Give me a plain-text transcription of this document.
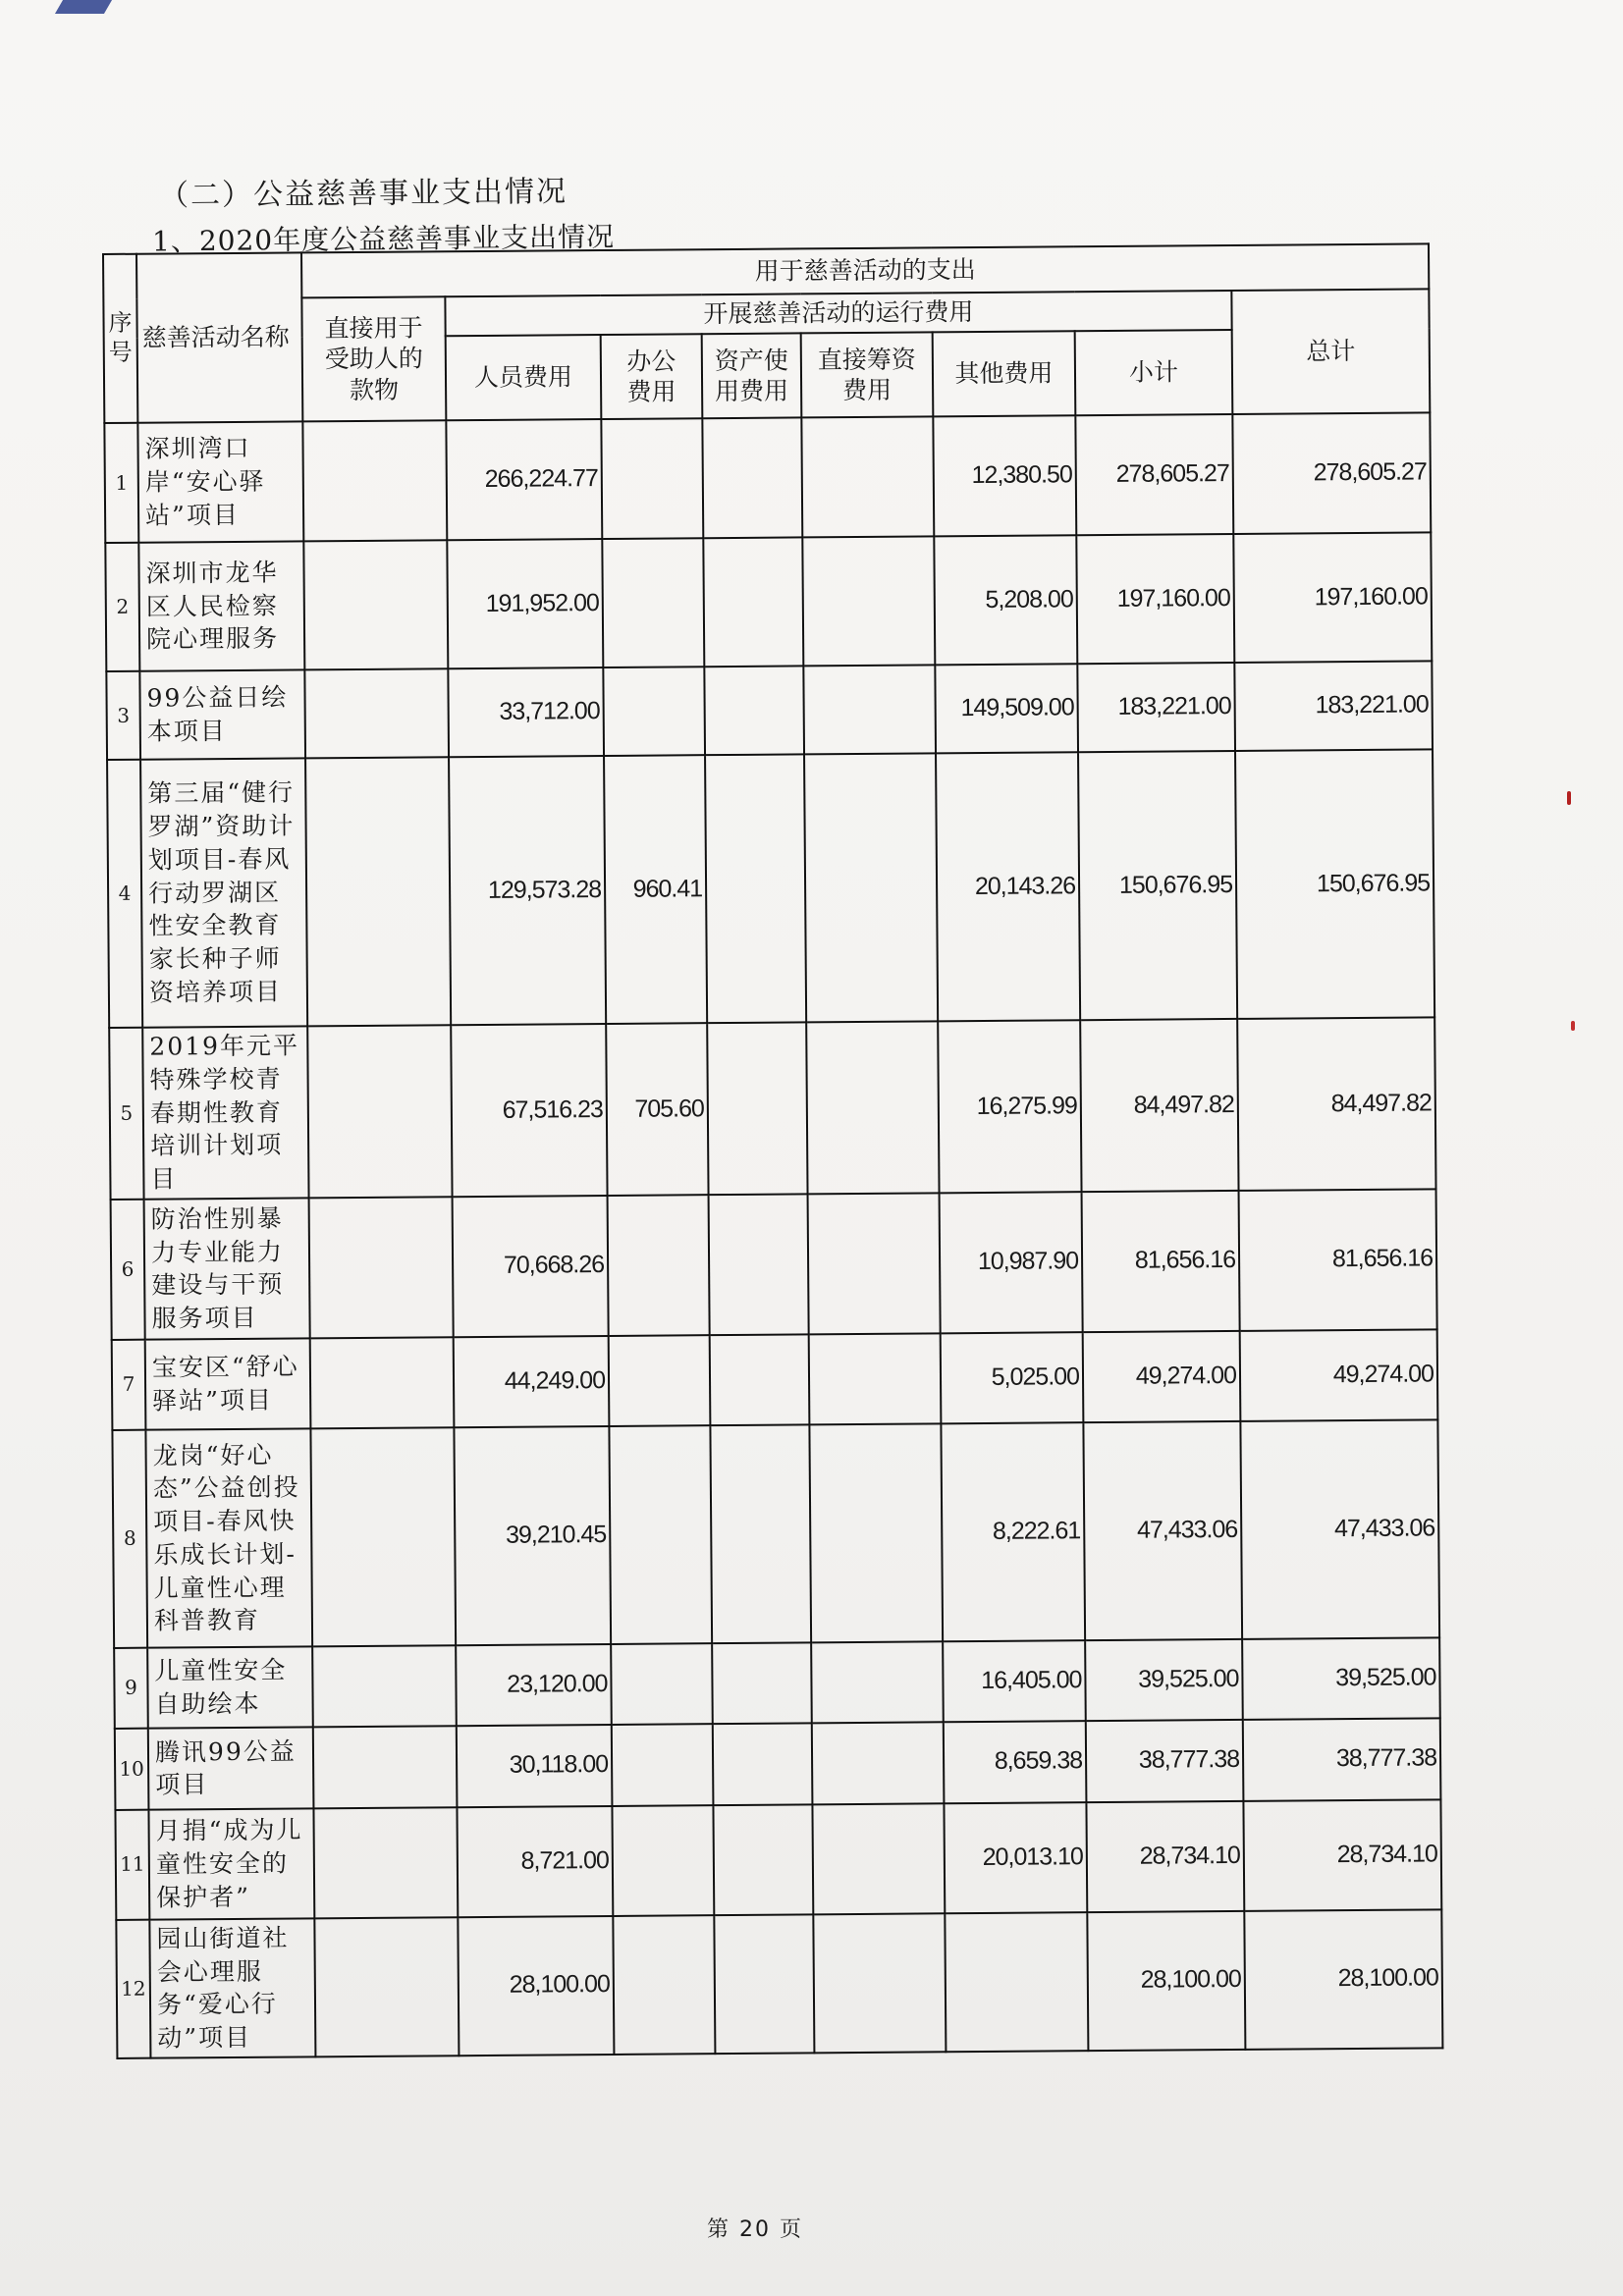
（二）公益慈善事业支出情况
1、2020年度公益慈善事业支出情况
序号	慈善活动名称	用于慈善活动的支出							
		直接用于受助人的款物	开展慈善活动的运行费用						总计
			人员费用	办公费用	资产使用费用	直接筹资费用	其他费用	小计	
1	深圳湾口岸“安心驿站”项目		266,224.77				12,380.50	278,605.27	278,605.27
2	深圳市龙华区人民检察院心理服务		191,952.00				5,208.00	197,160.00	197,160.00
3	99公益日绘本项目		33,712.00				149,509.00	183,221.00	183,221.00
4	第三届“健行罗湖”资助计划项目-春风行动罗湖区性安全教育家长种子师资培养项目		129,573.28	960.41			20,143.26	150,676.95	150,676.95
5	2019年元平特殊学校青春期性教育培训计划项目		67,516.23	705.60			16,275.99	84,497.82	84,497.82
6	防治性别暴力专业能力建设与干预服务项目		70,668.26				10,987.90	81,656.16	81,656.16
7	宝安区“舒心驿站”项目		44,249.00				5,025.00	49,274.00	49,274.00
8	龙岗“好心态”公益创投项目-春风快乐成长计划-儿童性心理科普教育		39,210.45				8,222.61	47,433.06	47,433.06
9	儿童性安全自助绘本		23,120.00				16,405.00	39,525.00	39,525.00
10	腾讯99公益项目		30,118.00				8,659.38	38,777.38	38,777.38
11	月捐“成为儿童性安全的保护者”		8,721.00				20,013.10	28,734.10	28,734.10
12	园山街道社会心理服务“爱心行动”项目		28,100.00					28,100.00	28,100.00
第 20 页
